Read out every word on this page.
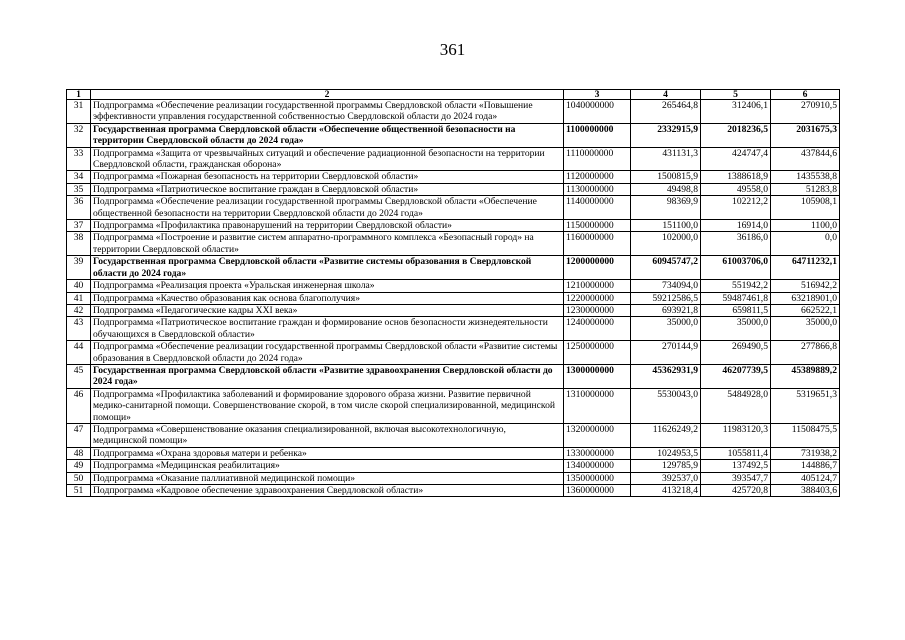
361
1	2	3	4	5	6
31	Подпрограмма «Обеспечение реализации государственной программы Свердловской области «Повышение эффективности управления государственной собственностью Свердловской области до 2024 года»	1040000000	265464,8	312406,1	270910,5
32	Государственная программа Свердловской области «Обеспечение общественной безопасности на территории Свердловской области до 2024 года»	1100000000	2332915,9	2018236,5	2031675,3
33	Подпрограмма «Защита от чрезвычайных ситуаций и обеспечение радиационной безопасности на территории Свердловской области, гражданская оборона»	1110000000	431131,3	424747,4	437844,6
34	Подпрограмма «Пожарная безопасность на территории Свердловской области»	1120000000	1500815,9	1388618,9	1435538,8
35	Подпрограмма «Патриотическое воспитание граждан в Свердловской области»	1130000000	49498,8	49558,0	51283,8
36	Подпрограмма «Обеспечение реализации государственной программы Свердловской области «Обеспечение общественной безопасности на территории Свердловской области до 2024 года»	1140000000	98369,9	102212,2	105908,1
37	Подпрограмма «Профилактика правонарушений на территории Свердловской области»	1150000000	151100,0	16914,0	1100,0
38	Подпрограмма «Построение и развитие систем аппаратно-программного комплекса «Безопасный город» на территории Свердловской области»	1160000000	102000,0	36186,0	0,0
39	Государственная программа Свердловской области «Развитие системы образования в Свердловской области до 2024 года»	1200000000	60945747,2	61003706,0	64711232,1
40	Подпрограмма «Реализация проекта «Уральская инженерная школа»	1210000000	734094,0	551942,2	516942,2
41	Подпрограмма «Качество образования как основа благополучия»	1220000000	59212586,5	59487461,8	63218901,0
42	Подпрограмма «Педагогические кадры XXI века»	1230000000	693921,8	659811,5	662522,1
43	Подпрограмма «Патриотическое воспитание граждан и формирование основ безопасности жизнедеятельности обучающихся в Свердловской области»	1240000000	35000,0	35000,0	35000,0
44	Подпрограмма «Обеспечение реализации государственной программы Свердловской области «Развитие системы образования в Свердловской области до 2024 года»	1250000000	270144,9	269490,5	277866,8
45	Государственная программа Свердловской области «Развитие здравоохранения Свердловской области до 2024 года»	1300000000	45362931,9	46207739,5	45389889,2
46	Подпрограмма «Профилактика заболеваний и формирование здорового образа жизни. Развитие первичной медико-санитарной помощи. Совершенствование скорой, в том числе скорой специализированной, медицинской помощи»	1310000000	5530043,0	5484928,0	5319651,3
47	Подпрограмма «Совершенствование оказания специализированной, включая высокотехнологичную, медицинской помощи»	1320000000	11626249,2	11983120,3	11508475,5
48	Подпрограмма «Охрана здоровья матери и ребенка»	1330000000	1024953,5	1055811,4	731938,2
49	Подпрограмма «Медицинская реабилитация»	1340000000	129785,9	137492,5	144886,7
50	Подпрограмма «Оказание паллиативной медицинской помощи»	1350000000	392537,0	393547,7	405124,7
51	Подпрограмма «Кадровое обеспечение здравоохранения Свердловской области»	1360000000	413218,4	425720,8	388403,6
